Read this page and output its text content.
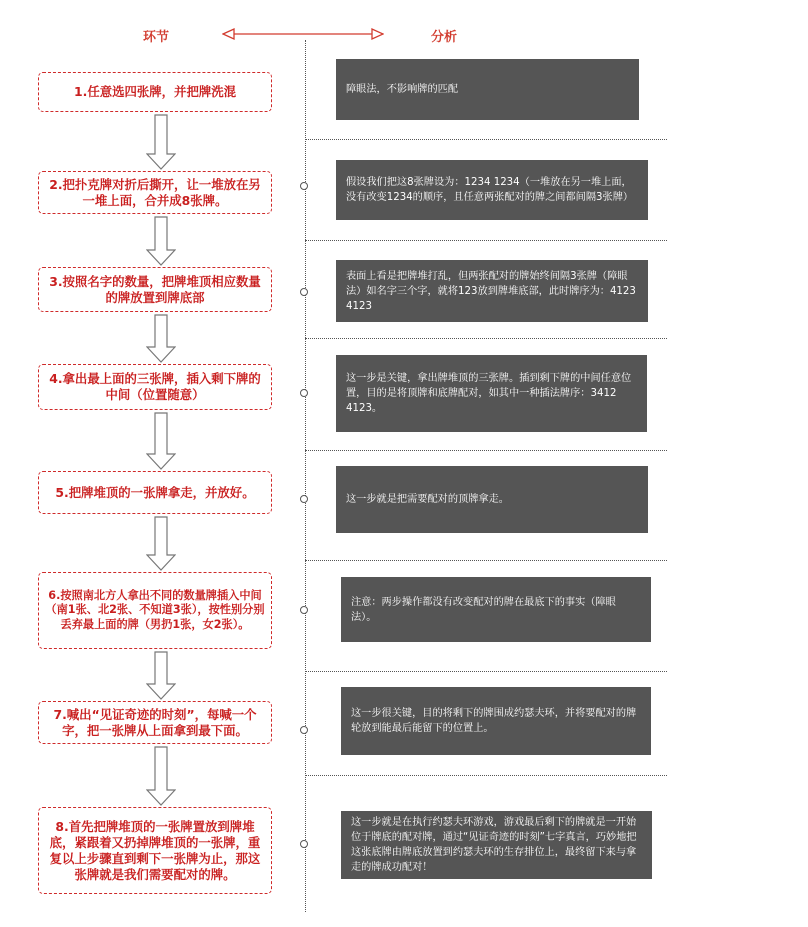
环节	分析
1.任意选四张牌，并把牌洗混
2.把扑克牌对折后撕开，让一堆放在另一堆上面，合并成8张牌。
3.按照名字的数量，把牌堆顶相应数量的牌放置到牌底部
4.拿出最上面的三张牌，插入剩下牌的中间（位置随意）
5.把牌堆顶的一张牌拿走，并放好。
6.按照南北方人拿出不同的数量牌插入中间（南1张、北2张、不知道3张），按性别分别丢弃最上面的牌（男扔1张，女2张）。
7.喊出“见证奇迹的时刻”，每喊一个字，把一张牌从上面拿到最下面。
8.首先把牌堆顶的一张牌置放到牌堆底，紧跟着又扔掉牌堆顶的一张牌，重复以上步骤直到剩下一张牌为止，那这张牌就是我们需要配对的牌。
障眼法，不影响牌的匹配
假设我们把这8张牌设为：1234 1234（一堆放在另一堆上面，没有改变1234的顺序，且任意两张配对的牌之间都间隔3张牌）
表面上看是把牌堆打乱，但两张配对的牌始终间隔3张牌（障眼法）如名字三个字，就将123放到牌堆底部，此时牌序为：4123 4123
这一步是关键，拿出牌堆顶的三张牌。插到剩下牌的中间任意位置，目的是将顶牌和底牌配对，如其中一种插法牌序：3412 4123。
这一步就是把需要配对的顶牌拿走。
注意：两步操作都没有改变配对的牌在最底下的事实（障眼法）。
这一步很关键，目的将剩下的牌围成约瑟夫环，并将要配对的牌轮放到能最后能留下的位置上。
这一步就是在执行约瑟夫环游戏，游戏最后剩下的牌就是一开始位于牌底的配对牌，通过“见证奇迹的时刻”七字真言，巧妙地把这张底牌由牌底放置到约瑟夫环的生存排位上，最终留下来与拿走的牌成功配对！
